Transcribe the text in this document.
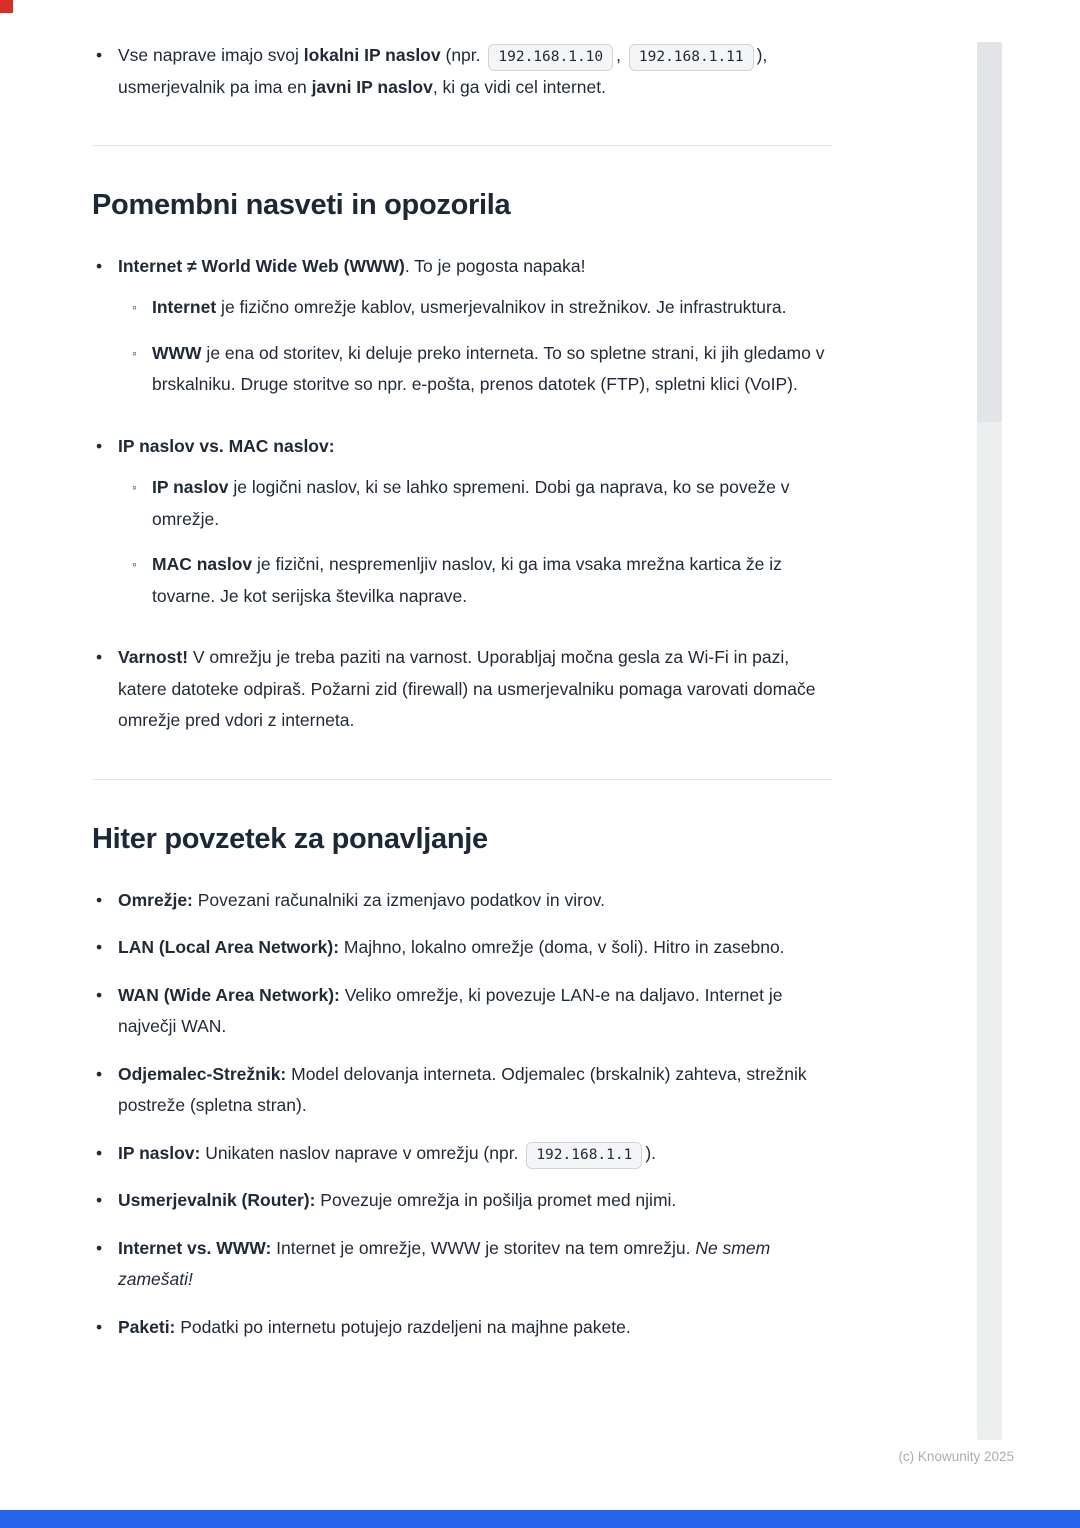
• Vse naprave imajo svoj lokalni IP naslov (npr. 192.168.1.10 , 192.168.1.11 ), usmerjevalnik pa ima en javni IP naslov, ki ga vidi cel internet.
Pomembni nasveti in opozorila
• Internet ≠ World Wide Web (WWW). To je pogosta napaka!
◦ Internet je fizično omrežje kablov, usmerjevalnikov in strežnikov. Je infrastruktura.
◦ WWW je ena od storitev, ki deluje preko interneta. To so spletne strani, ki jih gledamo v brskalniku. Druge storitve so npr. e-pošta, prenos datotek (FTP), spletni klici (VoIP).
• IP naslov vs. MAC naslov:
◦ IP naslov je logični naslov, ki se lahko spremeni. Dobi ga naprava, ko se poveže v omrežje.
◦ MAC naslov je fizični, nespremenljiv naslov, ki ga ima vsaka mrežna kartica že iz tovarne. Je kot serijska številka naprave.
• Varnost! V omrežju je treba paziti na varnost. Uporabljaj močna gesla za Wi-Fi in pazi, katere datoteke odpiraš. Požarni zid (firewall) na usmerjevalniku pomaga varovati domače omrežje pred vdori z interneta.
Hiter povzetek za ponavljanje
• Omrežje: Povezani računalniki za izmenjavo podatkov in virov.
• LAN (Local Area Network): Majhno, lokalno omrežje (doma, v šoli). Hitro in zasebno.
• WAN (Wide Area Network): Veliko omrežje, ki povezuje LAN-e na daljavo. Internet je največji WAN.
• Odjemalec-Strežnik: Model delovanja interneta. Odjemalec (brskalnik) zahteva, strežnik postreže (spletna stran).
• IP naslov: Unikaten naslov naprave v omrežju (npr. 192.168.1.1 ).
• Usmerjevalnik (Router): Povezuje omrežja in pošilja promet med njimi.
• Internet vs. WWW: Internet je omrežje, WWW je storitev na tem omrežju. Ne smem zamešati!
• Paketi: Podatki po internetu potujejo razdeljeni na majhne pakete.
(c) Knowunity 2025
